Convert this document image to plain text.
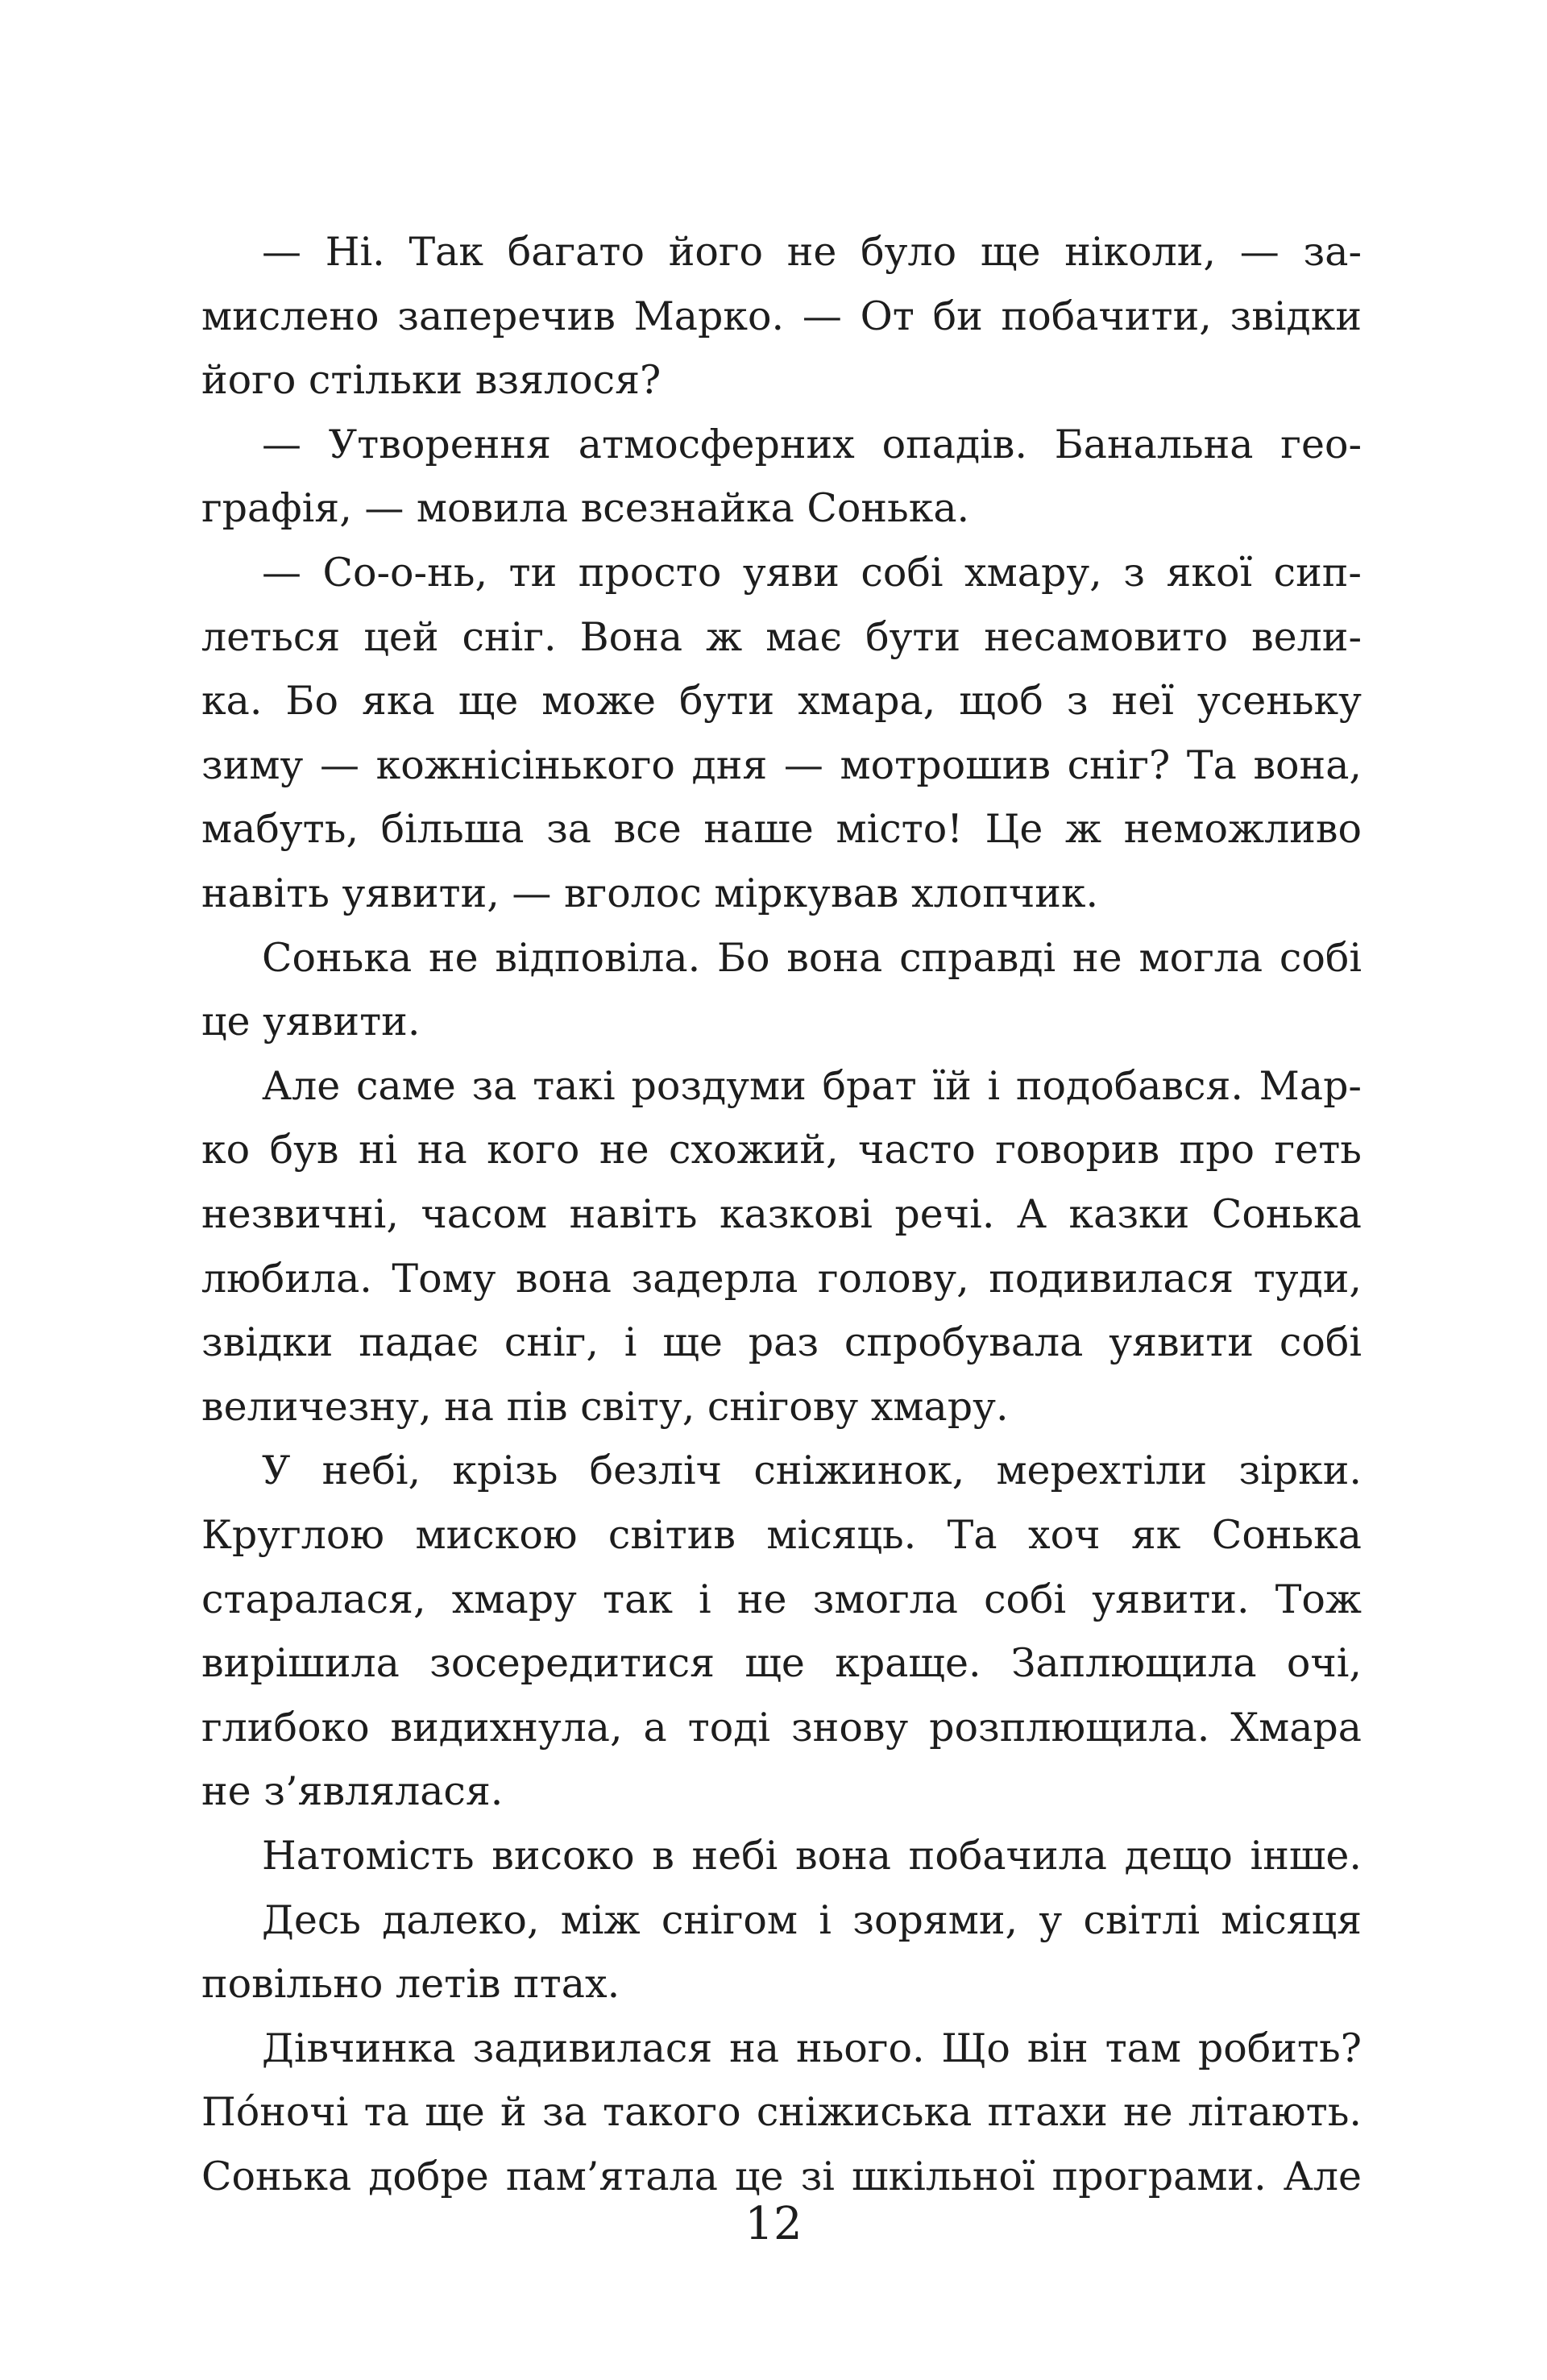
— Ні. Так багато його не було ще ніколи, — за-
мислено заперечив Марко. — От би побачити, звідки
його стільки взялося?
— Утворення атмосферних опадів. Банальна гео-
графія, — мовила всезнайка Сонька.
— Со-о-нь, ти просто уяви собі хмару, з якої сип-
леться цей сніг. Вона ж має бути несамовито вели-
ка. Бо яка ще може бути хмара, щоб з неї усеньку
зиму — кожнісінького дня — мотрошив сніг? Та вона,
мабуть, більша за все наше місто! Це ж неможливо
навіть уявити, — вголос міркував хлопчик.
Сонька не відповіла. Бо вона справді не могла собі
це уявити.
Але саме за такі роздуми брат їй і подобався. Мар-
ко був ні на кого не схожий, часто говорив про геть
незвичні, часом навіть казкові речі. А казки Сонька
любила. Тому вона задерла голову, подивилася туди,
звідки падає сніг, і ще раз спробувала уявити собі
величезну, на пів світу, снігову хмару.
У небі, крізь безліч сніжинок, мерехтіли зірки.
Круглою мискою світив місяць. Та хоч як Сонька
старалася, хмару так і не змогла собі уявити. Тож
вирішила зосередитися ще краще. Заплющила очі,
глибоко видихнула, а тоді знову розплющила. Хмара
не з’являлася.
Натомість високо в небі вона побачила дещо інше.
Десь далеко, між снігом і зорями, у світлі місяця
повільно летів птах.
Дівчинка задивилася на нього. Що він там робить?
Пóночі та ще й за такого сніжиська птахи не літають.
Сонька добре пам’ятала це зі шкільної програми. Але
12
